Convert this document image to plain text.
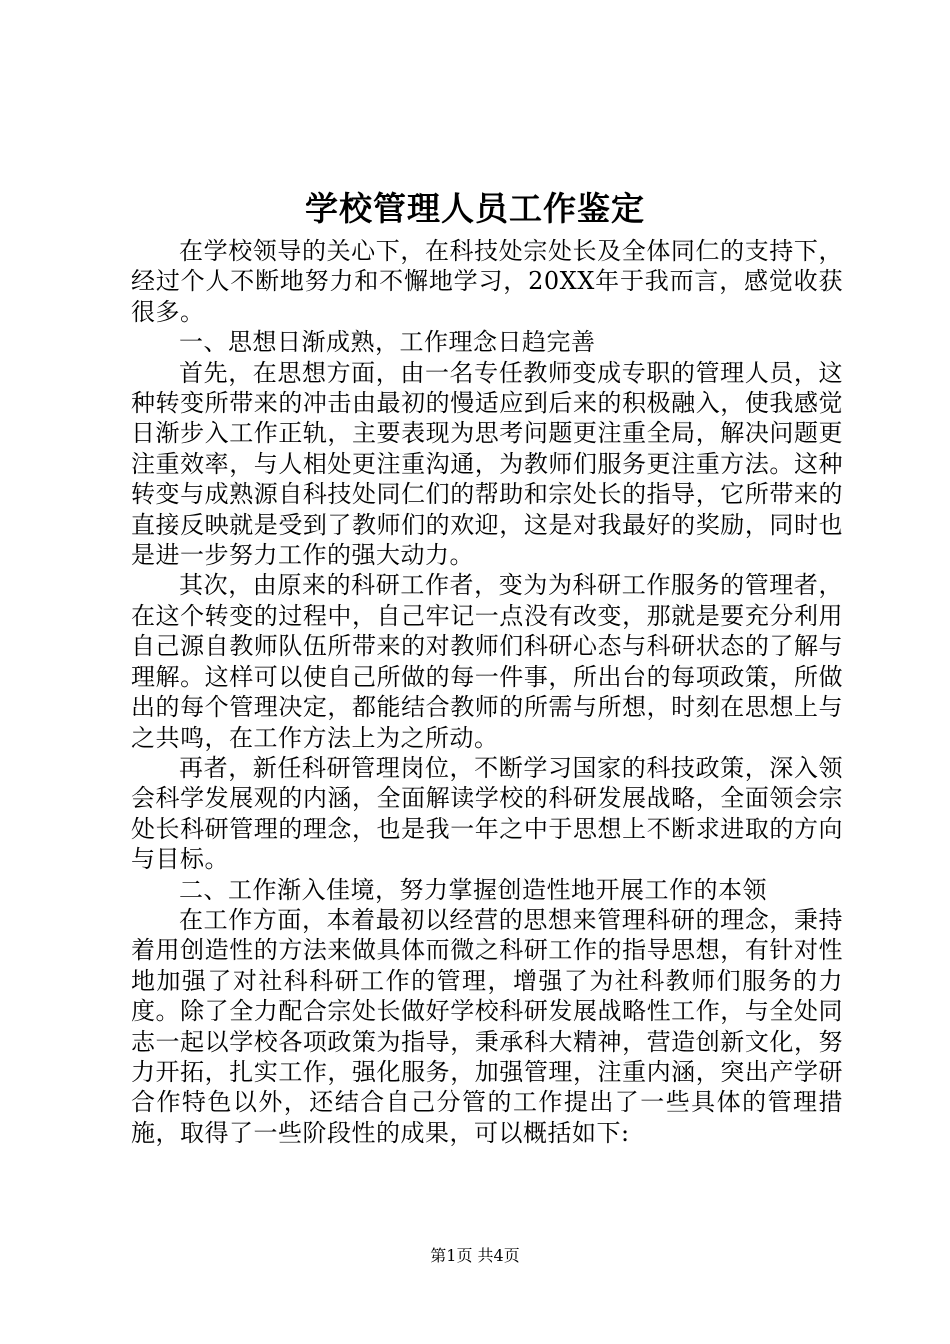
学校管理人员工作鉴定

在学校领导的关心下，在科技处宗处长及全体同仁的支持下，经过个人不断地努力和不懈地学习，20XX年于我而言，感觉收获很多。

一、思想日渐成熟，工作理念日趋完善

首先，在思想方面，由一名专任教师变成专职的管理人员，这种转变所带来的冲击由最初的慢适应到后来的积极融入，使我感觉日渐步入工作正轨，主要表现为思考问题更注重全局，解决问题更注重效率，与人相处更注重沟通，为教师们服务更注重方法。这种转变与成熟源自科技处同仁们的帮助和宗处长的指导，它所带来的直接反映就是受到了教师们的欢迎，这是对我最好的奖励，同时也是进一步努力工作的强大动力。

其次，由原来的科研工作者，变为为科研工作服务的管理者，在这个转变的过程中，自己牢记一点没有改变，那就是要充分利用自己源自教师队伍所带来的对教师们科研心态与科研状态的了解与理解。这样可以使自己所做的每一件事，所出台的每项政策，所做出的每个管理决定，都能结合教师的所需与所想，时刻在思想上与之共鸣，在工作方法上为之所动。

再者，新任科研管理岗位，不断学习国家的科技政策，深入领会科学发展观的内涵，全面解读学校的科研发展战略，全面领会宗处长科研管理的理念，也是我一年之中于思想上不断求进取的方向与目标。

二、工作渐入佳境，努力掌握创造性地开展工作的本领

在工作方面，本着最初以经营的思想来管理科研的理念，秉持着用创造性的方法来做具体而微之科研工作的指导思想，有针对性地加强了对社科科研工作的管理，增强了为社科教师们服务的力度。除了全力配合宗处长做好学校科研发展战略性工作，与全处同志一起以学校各项政策为指导，秉承科大精神，营造创新文化，努力开拓，扎实工作，强化服务，加强管理，注重内涵，突出产学研合作特色以外，还结合自己分管的工作提出了一些具体的管理措施，取得了一些阶段性的成果，可以概括如下:

第1页 共4页
